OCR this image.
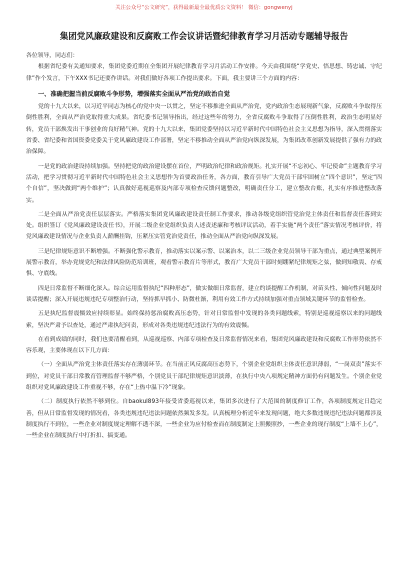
关注公众号“公文研究”，获得最新最全最优质公文资料！ 微信：gongwenyj
集团党风廉政建设和反腐败工作会议讲话暨纪律教育学习月活动专题辅导报告

各位领导，同志们：

根据省纪委有关通知要求，集团党委近期在全集团开展纪律教育学习月活动工作安排。今天由我围绕“学党史、悟思想、铸忠诚、守纪律”作个发言，下午XXX书记还要作讲话。对我们做好各项工作提出要求。下面，我主要讲三个方面的内容：

一、准确把握当前反腐败斗争形势，增强落实全面从严治党的政治自觉

党的十九大以来，以习近平同志为核心的党中央一以贯之，坚定不移推进全面从严治党，党内政治生态展现新气象，反腐败斗争取得压倒性胜利，全面从严治党取得重大成果。省纪委书记领导指出，经过这些年的努力，全省反腐败斗争取得了压倒性胜利，政治生态明显好转，党员干部焕发出干事创业的良好精气神。党的十九大以来，集团党委坚持以习近平新时代中国特色社会主义思想为指导，深入贯彻落实省委、省纪委和省国资委党委关于党风廉政建设工作部署，坚定不移推动全面从严治党向纵深发展，为集团改革创新发展提供了强有力的政治保障。

一是党的政治建设持续加强。坚持把党的政治建设摆在首位，严明政治纪律和政治规矩。扎实开展“不忘初心、牢记使命”主题教育学习活动，把学习贯彻习近平新时代中国特色社会主义思想作为首要政治任务，各方面，教育引导广大党员干部牢固树立“四个意识”，坚定“四个自信”，坚决做到“两个维护”；认真做好巡视巡察及内部专项检查反馈问题整改，明确责任分工，建立整改台账，扎实有序推进整改落实。

二是全面从严治党责任层层落实。严格落实集团党风廉政建设责任制工作要求，推动各级党组织管党治党主体责任和监督责任落到实处。组织签订《党风廉政建设责任书》，开展二级企业党组织负责人述责述廉和考核评议活动，着手实施“两个责任”落实情况考核评价，将党风廉政建设情况与企业负责人薪酬挂钩，压紧压实管党治党责任，推动全面从严治党向纵深发展。

三是纪律规矩意识不断增强。不断强化警示教育，推动落实以案示警、以案治本，以二三级企业党员领导干部为重点，通过典型案例开展警示教育，举办党规党纪和法律风险防范培训班，观看警示教育片等形式，教育广大党员干部时刻绷紧纪律规矩之弦，做到知敬畏、存戒惧、守底线。

四是日常监督不断细化深入。综合运用监督执纪“四种形态”，做实做细日常监督，建立约谈提醒工作机制，对苗头性、倾向性问题及时谈话提醒；深入开展违规违纪专项整治行动，坚持抓早抓小、防微杜渐，利用有效工作方式持续加强对重点领域关键环节的监督检查。

五是执纪监督震慑效应持续彰显。始终保持惩治腐败高压态势，针对日常监督中发现的各类问题线索，特别是巡视巡察以来的问题线索，坚决严肃予以查处，通过严肃执纪问责，形成对各类违规违纪违法行为的有效震慑。

在看到成绩的同时，我们也要清醒看到，从巡视巡察、内部专项检查及日常监督情况来看，集团党风廉政建设和反腐败工作形势依然不容乐观，主要体现在以下几方面：

（一）全面从严治党主体责任落实存在薄弱环节。在当前正风反腐高压态势下，个别企业党组织主体责任意识薄弱，“一岗双责”落实不到位，对党员干部日常教育管理监督不够严格，个别党员干部纪律规矩意识淡薄，在执行中央八项规定精神方面仍有问题发生。个别企业党组织对党风廉政建设工作重视不够，存在“上热中温下冷”现象。

（二）制度执行依然不够到位。自baokul893年接受省委巡视以来，集团多次进行了大范围的制度修订工作，各项制度规定日趋完善，但从日常监督发现的情况看，各类违规违纪违法问题依然频发多发。认真梳理分析近年来发现问题，绝大多数违规违纪违法问题都涉及制度执行不到位，一些企业对制度规定理解不透不深，一些企业为应付检查而在制度制定上照搬照抄，一些企业的现行制度“上墙不上心”，一些企业在制度执行中打折扣、搞变通。
